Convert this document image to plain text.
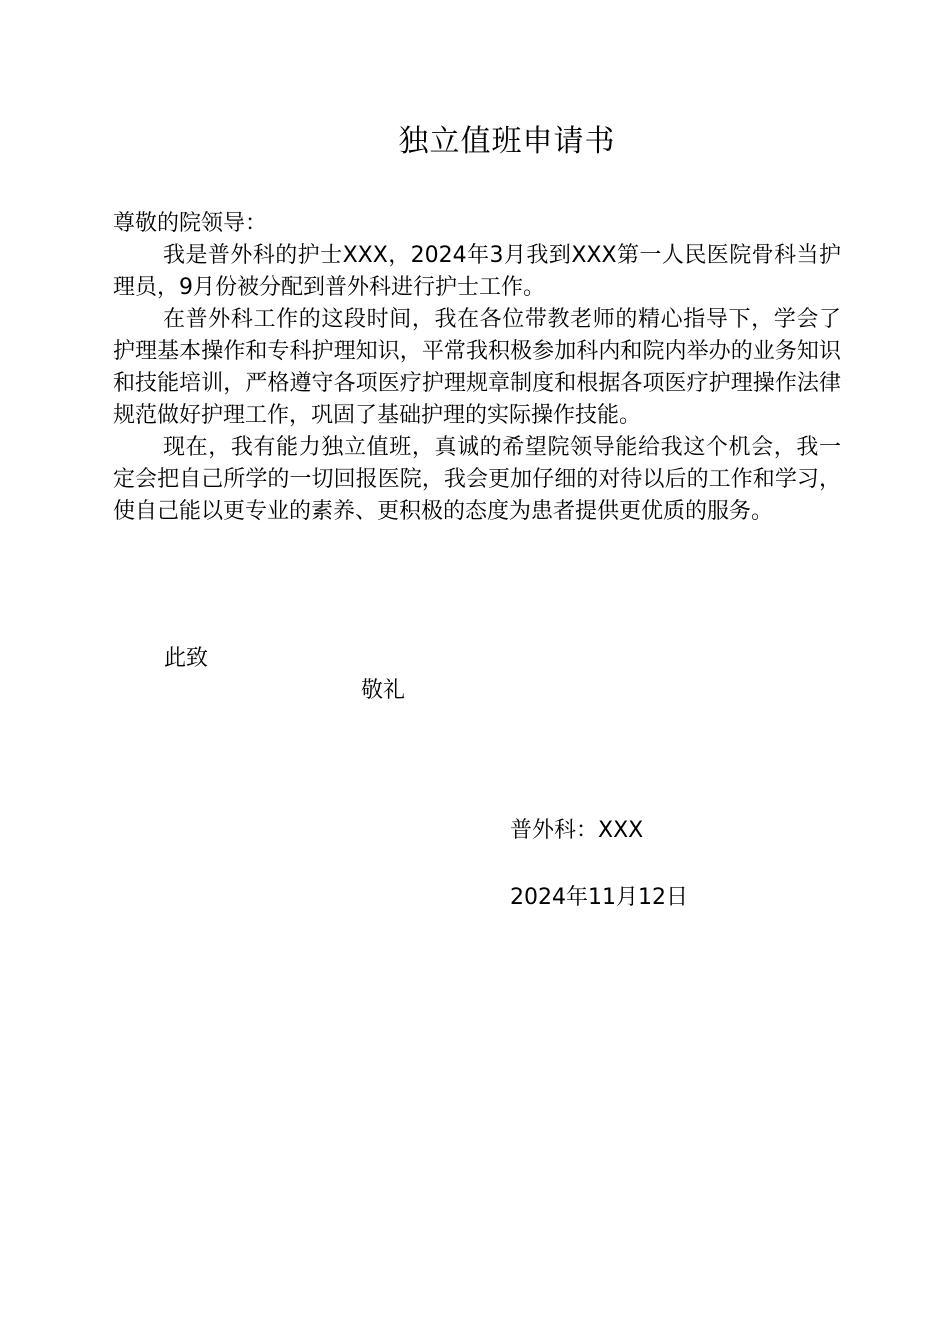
独立值班申请书

尊敬的院领导：

我是普外科的护士XXX，2024年3月我到XXX第一人民医院骨科当护理员，9月份被分配到普外科进行护士工作。

在普外科工作的这段时间，我在各位带教老师的精心指导下，学会了护理基本操作和专科护理知识，平常我积极参加科内和院内举办的业务知识和技能培训，严格遵守各项医疗护理规章制度和根据各项医疗护理操作法律规范做好护理工作，巩固了基础护理的实际操作技能。

现在，我有能力独立值班，真诚的希望院领导能给我这个机会，我一定会把自己所学的一切回报医院，我会更加仔细的对待以后的工作和学习，使自己能以更专业的素养、更积极的态度为患者提供更优质的服务。

此致
敬礼
普外科：XXX
2024年11月12日
